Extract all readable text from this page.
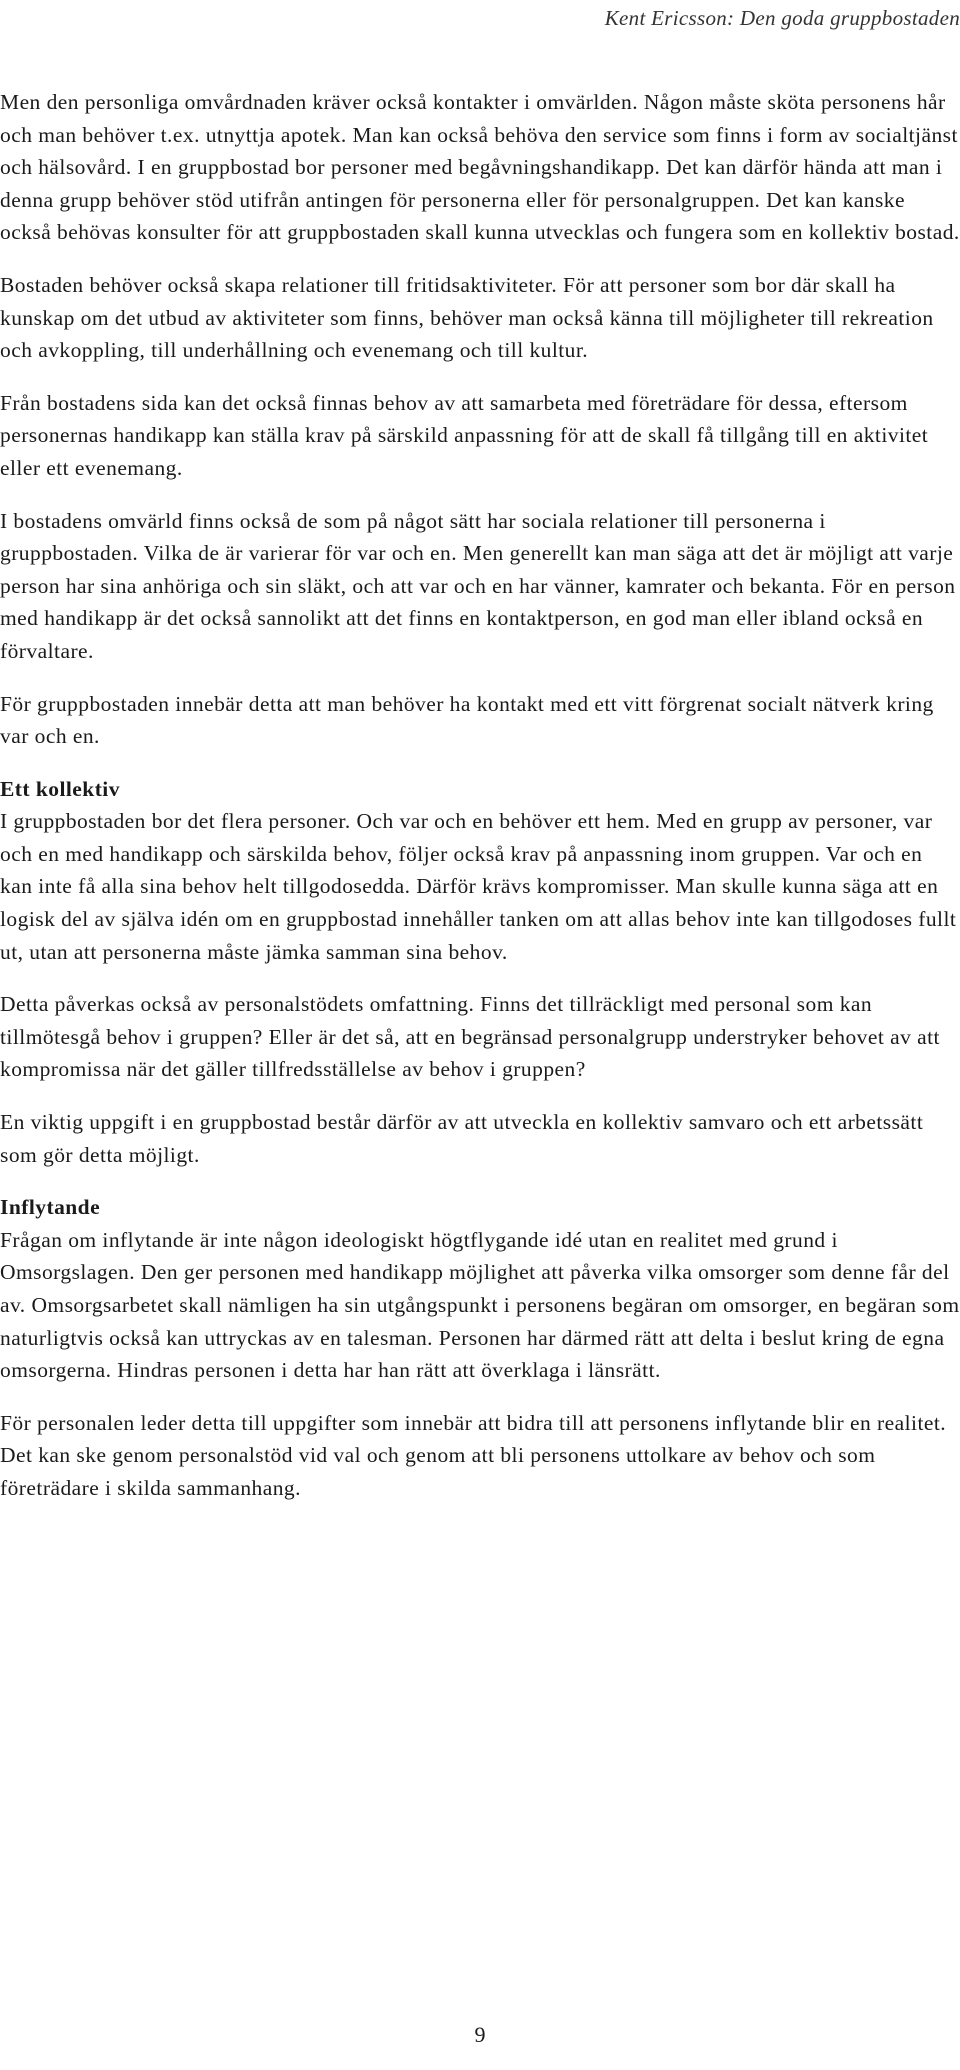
Kent Ericsson: Den goda gruppbostaden

Men den personliga omvårdnaden kräver också kontakter i omvärlden. Någon måste sköta personens hår och man behöver t.ex. utnyttja apotek. Man kan också behöva den service som finns i form av socialtjänst och hälsovård. I en gruppbostad bor personer med begåvningshandikapp. Det kan därför hända att man i denna grupp behöver stöd utifrån antingen för personerna eller för personalgruppen. Det kan kanske också behövas konsulter för att gruppbostaden skall kunna utvecklas och fungera som en kollektiv bostad.

Bostaden behöver också skapa relationer till fritidsaktiviteter. För att personer som bor där skall ha kunskap om det utbud av aktiviteter som finns, behöver man också känna till möjligheter till rekreation och avkoppling, till underhållning och evenemang och till kultur.

Från bostadens sida kan det också finnas behov av att samarbeta med företrädare för dessa, eftersom personernas handikapp kan ställa krav på särskild anpassning för att de skall få tillgång till en aktivitet eller ett evenemang.

I bostadens omvärld finns också de som på något sätt har sociala relationer till personerna i gruppbostaden. Vilka de är varierar för var och en. Men generellt kan man säga att det är möjligt att varje person har sina anhöriga och sin släkt, och att var och en har vänner, kamrater och bekanta. För en person med handikapp är det också sannolikt att det finns en kontaktperson, en god man eller ibland också en förvaltare.

För gruppbostaden innebär detta att man behöver ha kontakt med ett vitt förgrenat socialt nätverk kring var och en.

Ett kollektiv

I gruppbostaden bor det flera personer. Och var och en behöver ett hem. Med en grupp av personer, var och en med handikapp och särskilda behov, följer också krav på anpassning inom gruppen. Var och en kan inte få alla sina behov helt tillgodosedda. Därför krävs kompromisser. Man skulle kunna säga att en logisk del av själva idén om en gruppbostad innehåller tanken om att allas behov inte kan tillgodoses fullt ut, utan att personerna måste jämka samman sina behov.

Detta påverkas också av personalstödets omfattning. Finns det tillräckligt med personal som kan tillmötesgå behov i gruppen? Eller är det så, att en begränsad personalgrupp understryker behovet av att kompromissa när det gäller tillfredsställelse av behov i gruppen?

En viktig uppgift i en gruppbostad består därför av att utveckla en kollektiv samvaro och ett arbetssätt som gör detta möjligt.

Inflytande

Frågan om inflytande är inte någon ideologiskt högtflygande idé utan en realitet med grund i Omsorgslagen. Den ger personen med handikapp möjlighet att påverka vilka omsorger som denne får del av. Omsorgsarbetet skall nämligen ha sin utgångspunkt i personens begäran om omsorger, en begäran som naturligtvis också kan uttryckas av en talesman. Personen har därmed rätt att delta i beslut kring de egna omsorgerna. Hindras personen i detta har han rätt att överklaga i länsrätt.

För personalen leder detta till uppgifter som innebär att bidra till att personens inflytande blir en realitet. Det kan ske genom personalstöd vid val och genom att bli personens uttolkare av behov och som företrädare i skilda sammanhang.

9
